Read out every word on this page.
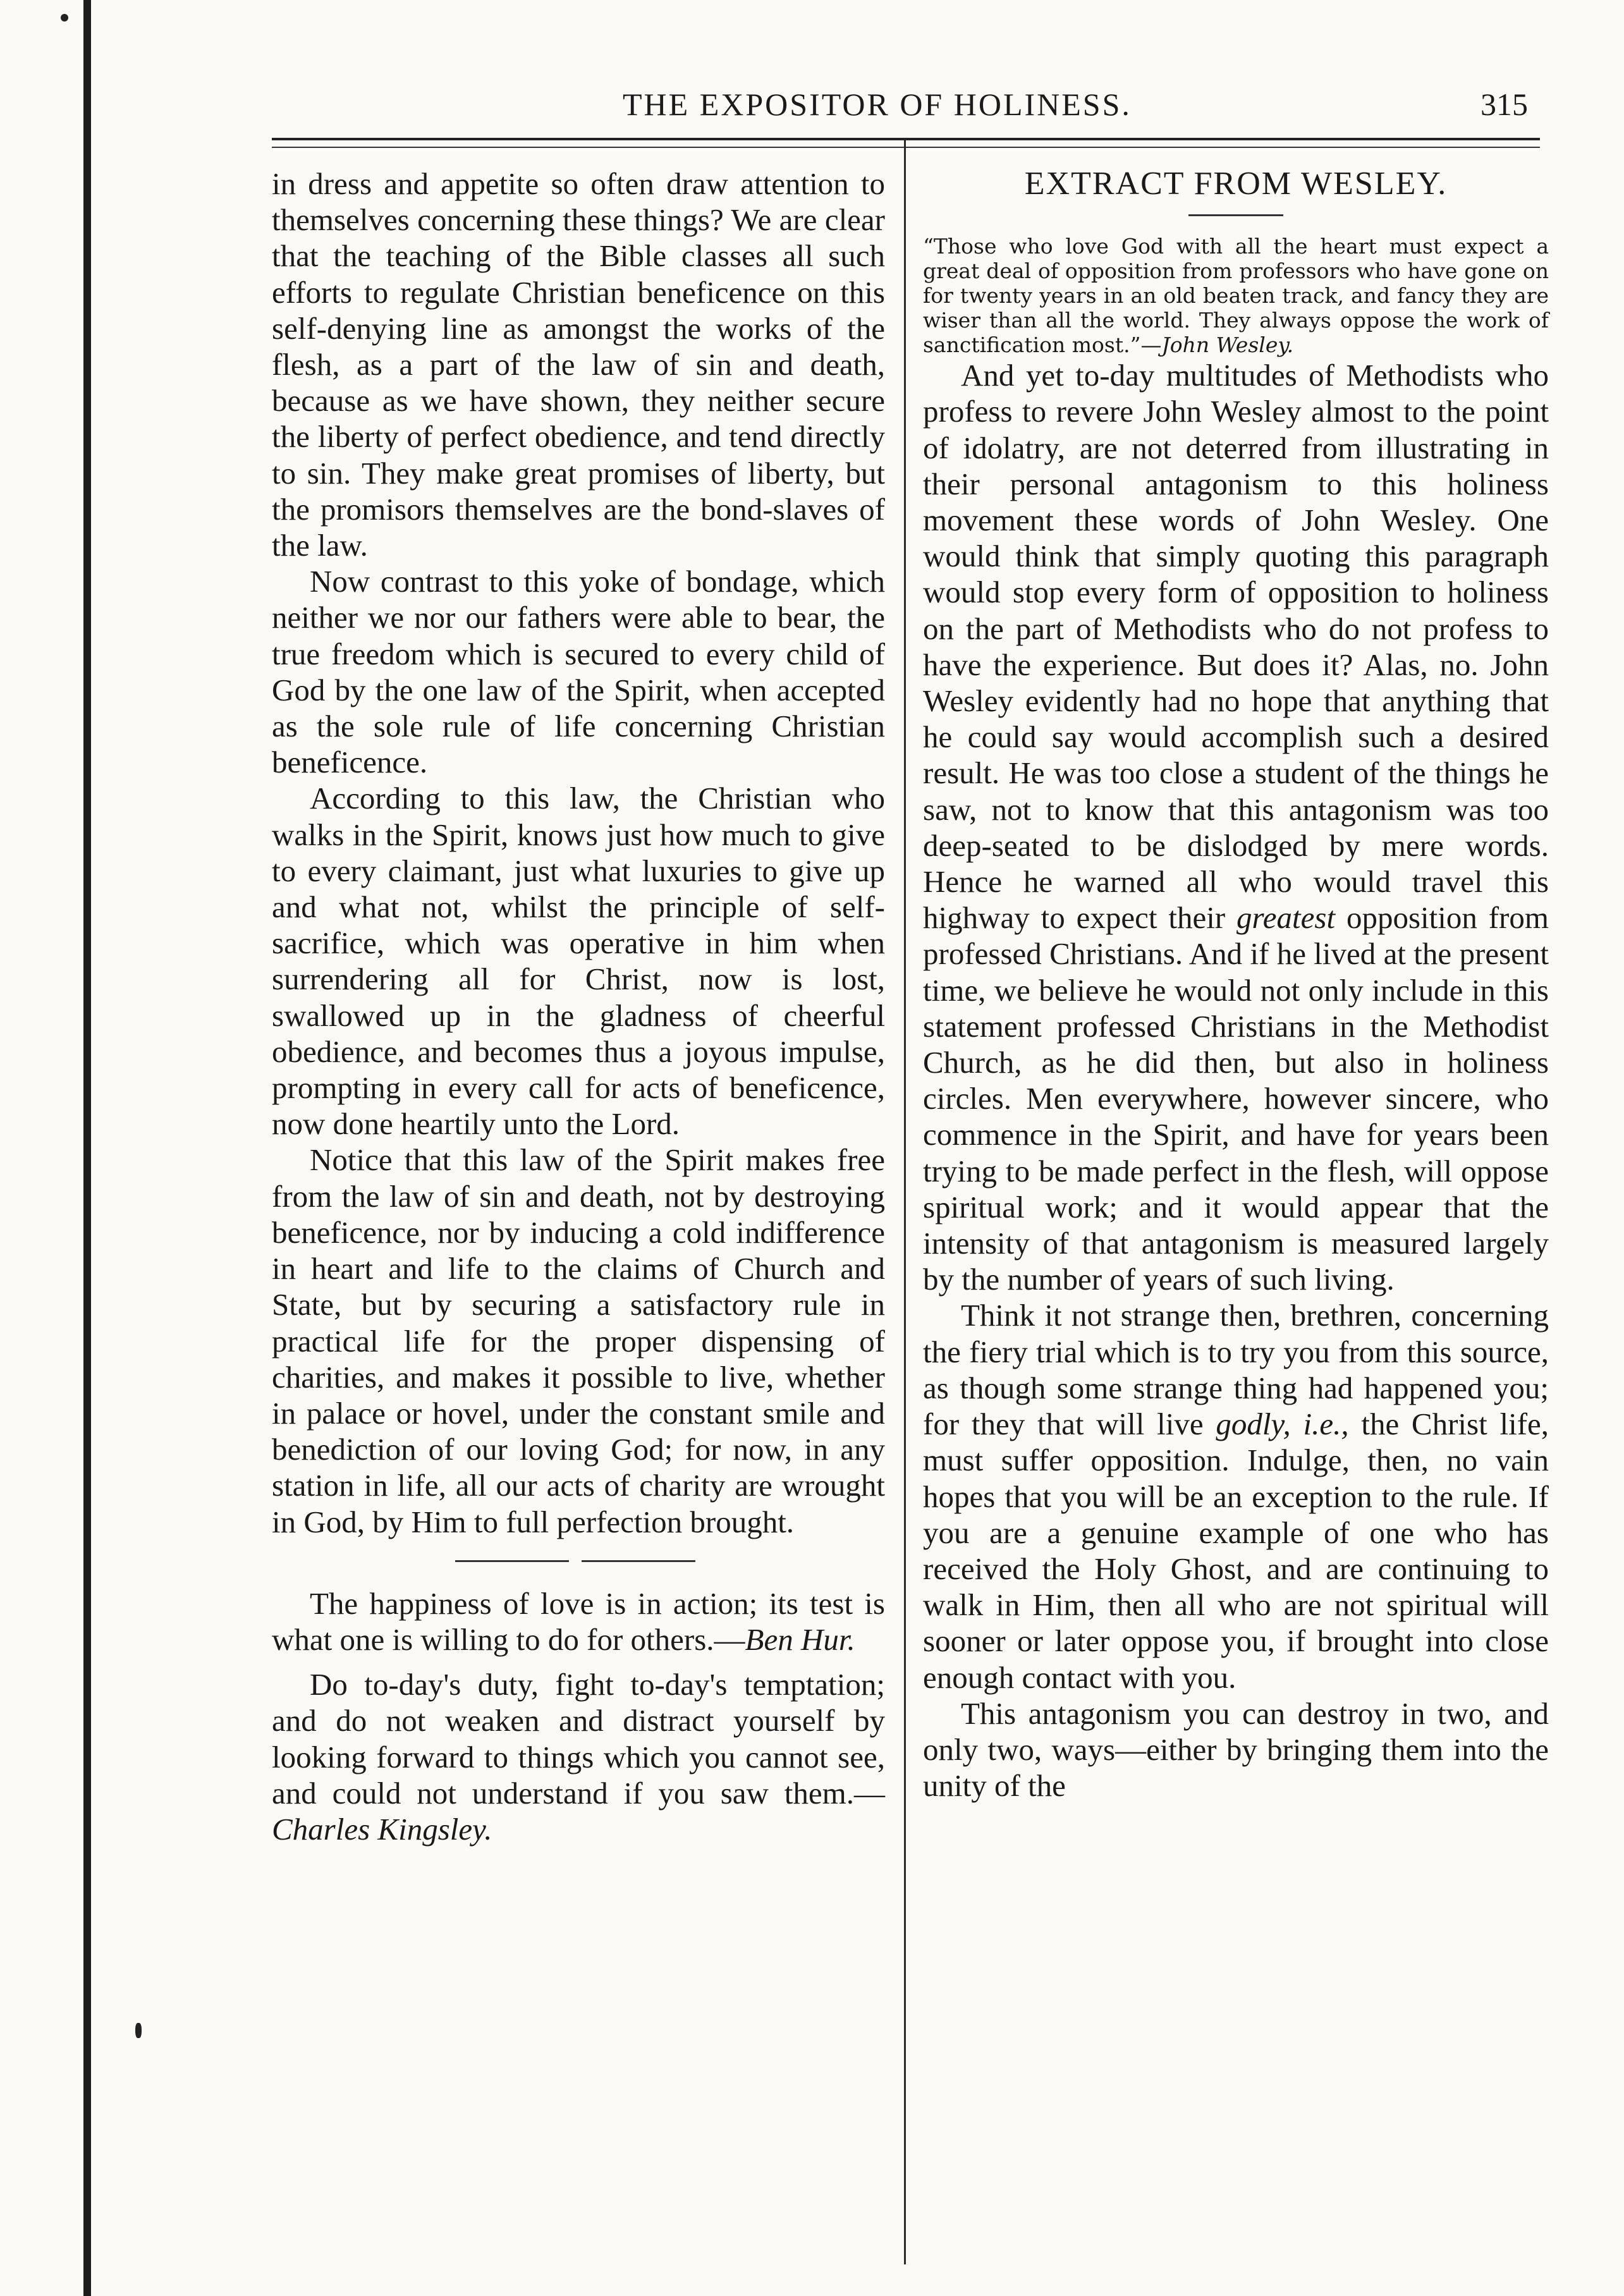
THE EXPOSITOR OF HOLINESS.	315

in dress and appetite so often draw attention to themselves concerning these things? We are clear that the teaching of the Bible classes all such efforts to regulate Christian beneficence on this self-denying line as amongst the works of the flesh, as a part of the law of sin and death, because as we have shown, they neither secure the liberty of perfect obedience, and tend directly to sin. They make great promises of liberty, but the promisors themselves are the bond-slaves of the law.

Now contrast to this yoke of bondage, which neither we nor our fathers were able to bear, the true freedom which is secured to every child of God by the one law of the Spirit, when accepted as the sole rule of life concerning Christian beneficence.

According to this law, the Christian who walks in the Spirit, knows just how much to give to every claimant, just what luxuries to give up and what not, whilst the principle of self-sacrifice, which was operative in him when surrendering all for Christ, now is lost, swallowed up in the gladness of cheerful obedience, and becomes thus a joyous impulse, prompting in every call for acts of beneficence, now done heartily unto the Lord.

Notice that this law of the Spirit makes free from the law of sin and death, not by destroying beneficence, nor by inducing a cold indifference in heart and life to the claims of Church and State, but by securing a satisfactory rule in practical life for the proper dispensing of charities, and makes it possible to live, whether in palace or hovel, under the constant smile and benediction of our loving God; for now, in any station in life, all our acts of charity are wrought in God, by Him to full perfection brought.

The happiness of love is in action; its test is what one is willing to do for others.—Ben Hur.

Do to-day's duty, fight to-day's temptation; and do not weaken and distract yourself by looking forward to things which you cannot see, and could not understand if you saw them.—Charles Kingsley.

EXTRACT FROM WESLEY.

“Those who love God with all the heart must expect a great deal of opposition from professors who have gone on for twenty years in an old beaten track, and fancy they are wiser than all the world. They always oppose the work of sanctification most.”—John Wesley.

And yet to-day multitudes of Methodists who profess to revere John Wesley almost to the point of idolatry, are not deterred from illustrating in their personal antagonism to this holiness movement these words of John Wesley. One would think that simply quoting this paragraph would stop every form of opposition to holiness on the part of Methodists who do not profess to have the experience. But does it? Alas, no. John Wesley evidently had no hope that anything that he could say would accomplish such a desired result. He was too close a student of the things he saw, not to know that this antagonism was too deep-seated to be dislodged by mere words. Hence he warned all who would travel this highway to expect their greatest opposition from professed Christians. And if he lived at the present time, we believe he would not only include in this statement professed Christians in the Methodist Church, as he did then, but also in holiness circles. Men everywhere, however sincere, who commence in the Spirit, and have for years been trying to be made perfect in the flesh, will oppose spiritual work; and it would appear that the intensity of that antagonism is measured largely by the number of years of such living.

Think it not strange then, brethren, concerning the fiery trial which is to try you from this source, as though some strange thing had happened you; for they that will live godly, i.e., the Christ life, must suffer opposition. Indulge, then, no vain hopes that you will be an exception to the rule. If you are a genuine example of one who has received the Holy Ghost, and are continuing to walk in Him, then all who are not spiritual will sooner or later oppose you, if brought into close enough contact with you.

This antagonism you can destroy in two, and only two, ways—either by bringing them into the unity of the
